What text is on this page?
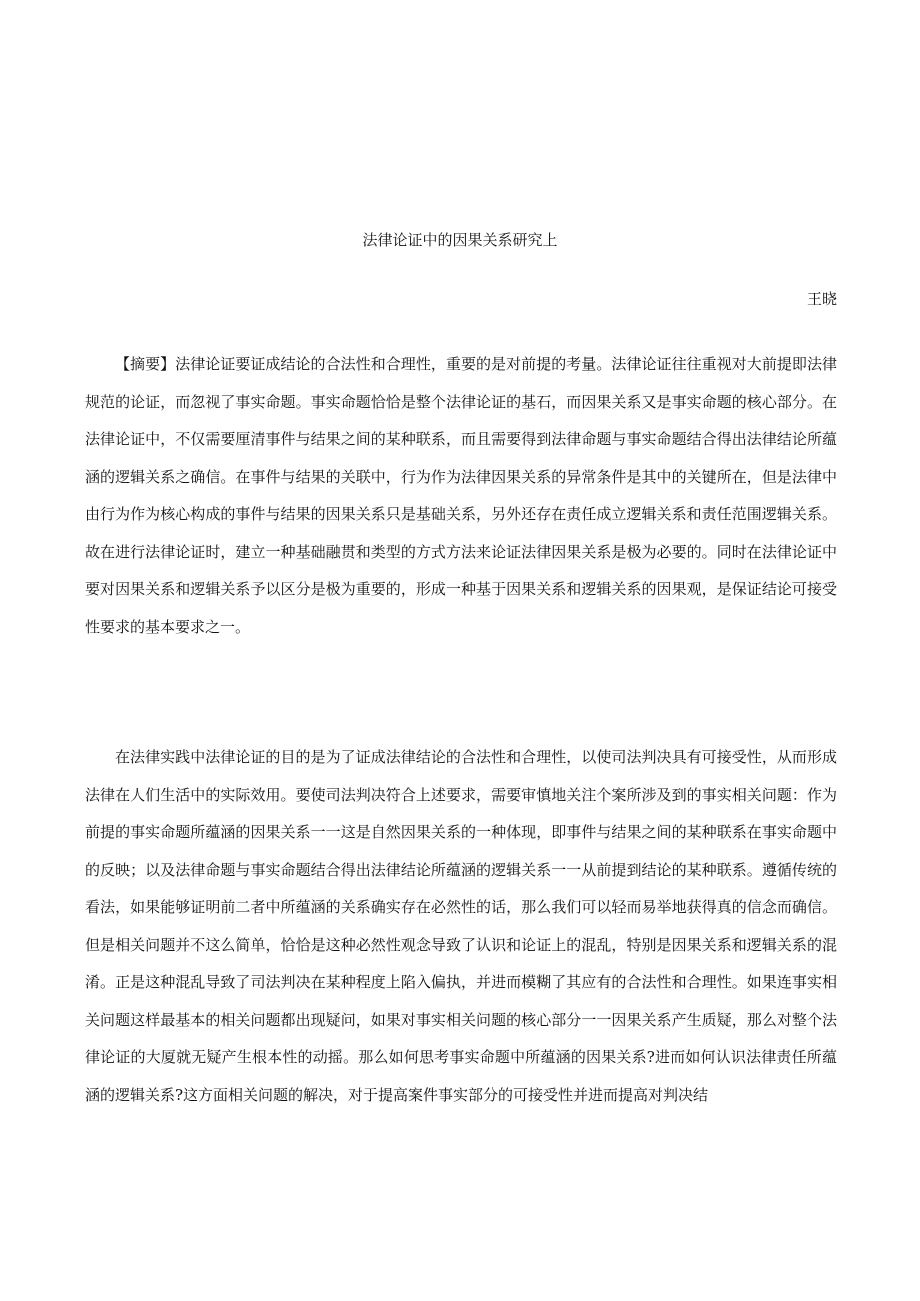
法律论证中的因果关系研究上
王晓

【摘要】法律论证要证成结论的合法性和合理性，重要的是对前提的考量。法律论证往往重视对大前提即法律规范的论证，而忽视了事实命题。事实命题恰恰是整个法律论证的基石，而因果关系又是事实命题的核心部分。在法律论证中，不仅需要厘清事件与结果之间的某种联系，而且需要得到法律命题与事实命题结合得出法律结论所蕴涵的逻辑关系之确信。在事件与结果的关联中，行为作为法律因果关系的异常条件是其中的关键所在，但是法律中由行为作为核心构成的事件与结果的因果关系只是基础关系，另外还存在责任成立逻辑关系和责任范围逻辑关系。故在进行法律论证时，建立一种基础融贯和类型的方式方法来论证法律因果关系是极为必要的。同时在法律论证中要对因果关系和逻辑关系予以区分是极为重要的，形成一种基于因果关系和逻辑关系的因果观，是保证结论可接受性要求的基本要求之一。

在法律实践中法律论证的目的是为了证成法律结论的合法性和合理性，以使司法判决具有可接受性，从而形成法律在人们生活中的实际效用。要使司法判决符合上述要求，需要审慎地关注个案所涉及到的事实相关问题：作为前提的事实命题所蕴涵的因果关系一一这是自然因果关系的一种体现，即事件与结果之间的某种联系在事实命题中的反映；以及法律命题与事实命题结合得出法律结论所蕴涵的逻辑关系一一从前提到结论的某种联系。遵循传统的看法，如果能够证明前二者中所蕴涵的关系确实存在必然性的话，那么我们可以轻而易举地获得真的信念而确信。但是相关问题并不这么简单，恰恰是这种必然性观念导致了认识和论证上的混乱，特别是因果关系和逻辑关系的混淆。正是这种混乱导致了司法判决在某种程度上陷入偏执，并进而模糊了其应有的合法性和合理性。如果连事实相关问题这样最基本的相关问题都出现疑问，如果对事实相关问题的核心部分一一因果关系产生质疑，那么对整个法律论证的大厦就无疑产生根本性的动摇。那么如何思考事实命题中所蕴涵的因果关系?进而如何认识法律责任所蕴涵的逻辑关系?这方面相关问题的解决，对于提高案件事实部分的可接受性并进而提高对判决结
